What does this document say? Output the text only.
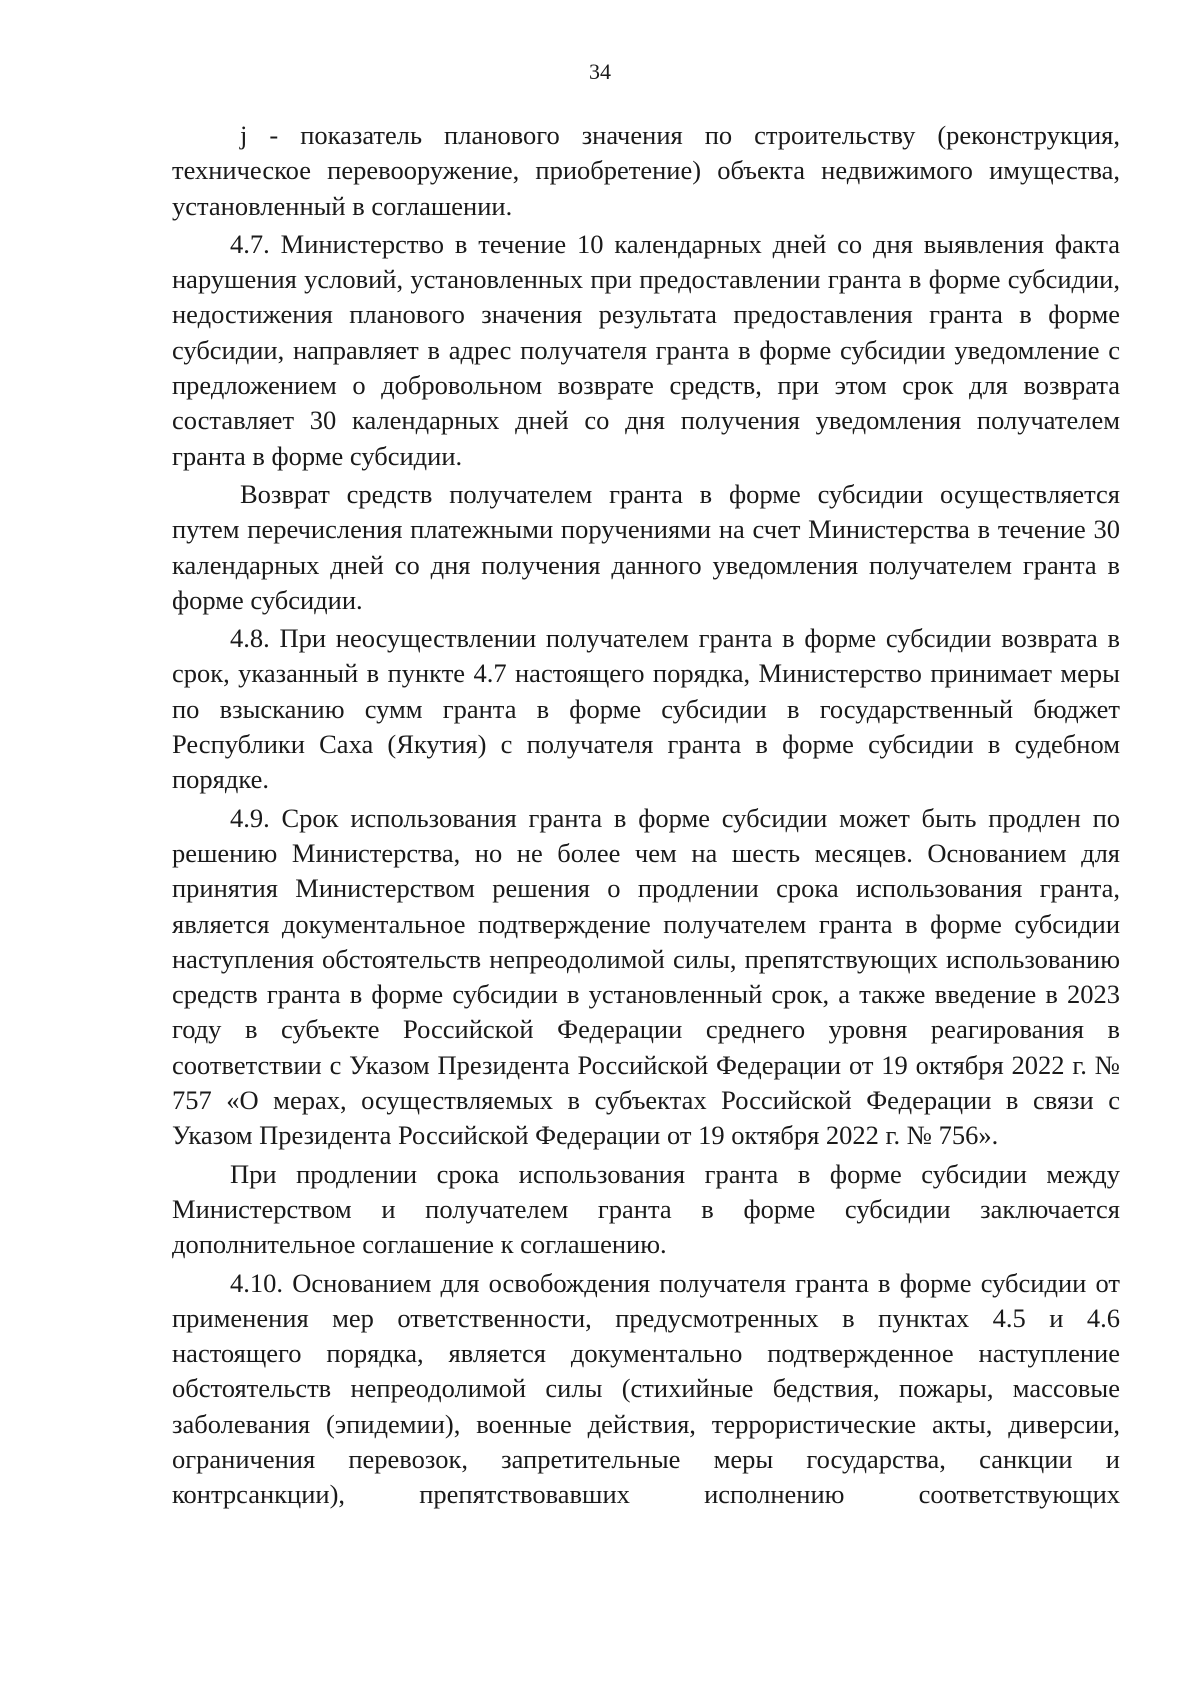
34

j - показатель планового значения по строительству (реконструкция, техническое перевооружение, приобретение) объекта недвижимого имущества, установленный в соглашении.

4.7. Министерство в течение 10 календарных дней со дня выявления факта нарушения условий, установленных при предоставлении гранта в форме субсидии, недостижения планового значения результата предоставления гранта в форме субсидии, направляет в адрес получателя гранта в форме субсидии уведомление с предложением о добровольном возврате средств, при этом срок для возврата составляет 30 календарных дней со дня получения уведомления получателем гранта в форме субсидии.

Возврат средств получателем гранта в форме субсидии осуществляется путем перечисления платежными поручениями на счет Министерства в течение 30 календарных дней со дня получения данного уведомления получателем гранта в форме субсидии.

4.8. При неосуществлении получателем гранта в форме субсидии возврата в срок, указанный в пункте 4.7 настоящего порядка, Министерство принимает меры по взысканию сумм гранта в форме субсидии в государственный бюджет Республики Саха (Якутия) с получателя гранта в форме субсидии в судебном порядке.

4.9. Срок использования гранта в форме субсидии может быть продлен по решению Министерства, но не более чем на шесть месяцев. Основанием для принятия Министерством решения о продлении срока использования гранта, является документальное подтверждение получателем гранта в форме субсидии наступления обстоятельств непреодолимой силы, препятствующих использованию средств гранта в форме субсидии в установленный срок, а также введение в 2023 году в субъекте Российской Федерации среднего уровня реагирования в соответствии с Указом Президента Российской Федерации от 19 октября 2022 г. № 757 «О мерах, осуществляемых в субъектах Российской Федерации в связи с Указом Президента Российской Федерации от 19 октября 2022 г. № 756».

При продлении срока использования гранта в форме субсидии между Министерством и получателем гранта в форме субсидии заключается дополнительное соглашение к соглашению.

4.10. Основанием для освобождения получателя гранта в форме субсидии от применения мер ответственности, предусмотренных в пунктах 4.5 и 4.6 настоящего порядка, является документально подтвержденное наступление обстоятельств непреодолимой силы (стихийные бедствия, пожары, массовые заболевания (эпидемии), военные действия, террористические акты, диверсии, ограничения перевозок, запретительные меры государства, санкции и контрсанкции), препятствовавших исполнению соответствующих
